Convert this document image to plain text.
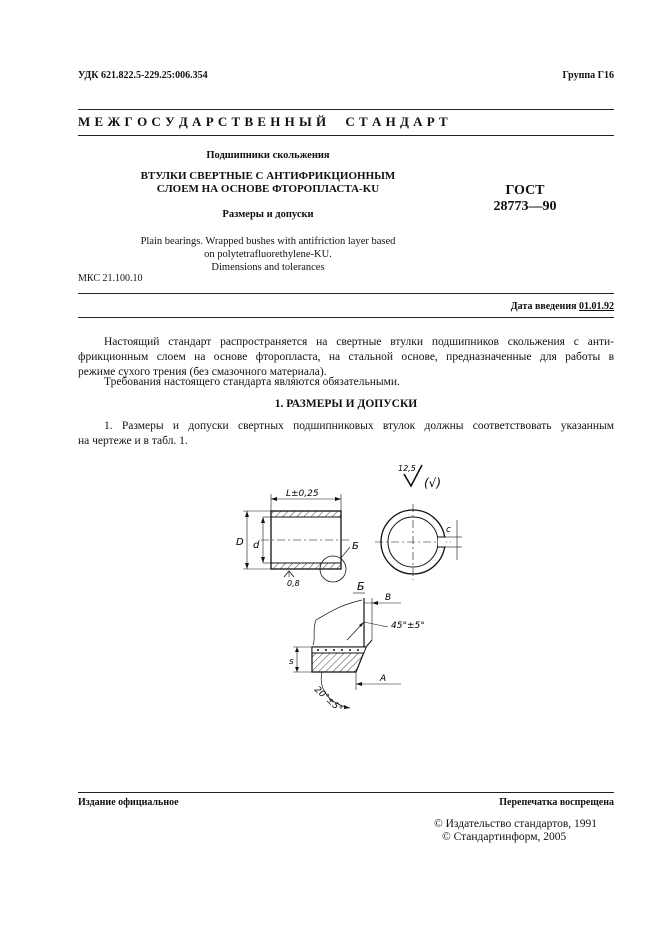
УДК 621.822.5-229.25:006.354	Группа Г16
М Е Ж Г О С У Д А Р С Т В Е Н Н Ы Й     С Т А Н Д А Р Т
Подшипники скольжения
ВТУЛКИ СВЕРТНЫЕ С АНТИФРИКЦИОННЫМ
СЛОЕМ НА ОСНОВЕ ФТОРОПЛАСТА-KU
Размеры и допуски
Plain bearings. Wrapped bushes with antifriction layer based
on polytetrafluorethylene-KU.
Dimensions and tolerances
ГОСТ
28773—90
МКС 21.100.10
Дата введения 01.01.92
Настоящий стандарт распространяется на свертные втулки подшипников скольжения с анти-
фрикционным слоем на основе фторопласта, на стальной основе, предназначенные для работы в
режиме сухого трения (без смазочного материала).
Требования настоящего стандарта являются обязательными.
1. РАЗМЕРЫ И ДОПУСКИ
1. Размеры и допуски свертных подшипниковых втулок должны соответствовать указанным
на чертеже и в табл. 1.
12,5
(√)
L±0,25
D d	Б
0,8
c
Б
В
45°±5°
s
А
20°±5°
Издание официальное	Перепечатка воспрещена
© Издательство стандартов, 1991
© Стандартинформ, 2005
